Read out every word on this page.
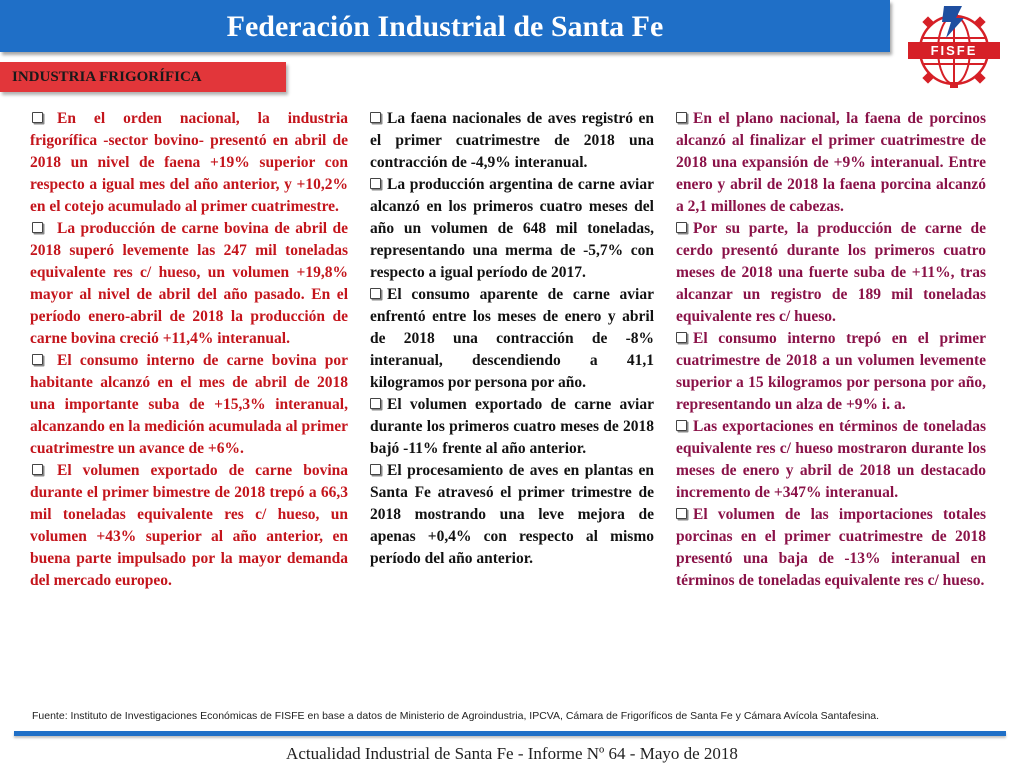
Federación Industrial de Santa Fe
FISFE
INDUSTRIA FRIGORÍFICA

En el orden nacional, la industria frigorífica -sector bovino- presentó en abril de 2018 un nivel de faena +19% superior con respecto a igual mes del año anterior, y +10,2% en el cotejo acumulado al primer cuatrimestre.

La producción de carne bovina de abril de 2018 superó levemente las 247 mil toneladas equivalente res c/ hueso, un volumen +19,8% mayor al nivel de abril del año pasado. En el período enero-abril de 2018 la producción de carne bovina creció +11,4% interanual.

El consumo interno de carne bovina por habitante alcanzó en el mes de abril de 2018 una importante suba de +15,3% interanual, alcanzando en la medición acumulada al primer cuatrimestre un avance de +6%.

El volumen exportado de carne bovina durante el primer bimestre de 2018 trepó a 66,3 mil toneladas equivalente res c/ hueso, un volumen +43% superior al año anterior, en buena parte impulsado por la mayor demanda del mercado europeo.

La faena nacionales de aves registró en el primer cuatrimestre de 2018 una contracción de -4,9% interanual.

La producción argentina de carne aviar alcanzó en los primeros cuatro meses del año un volumen de 648 mil toneladas, representando una merma de -5,7% con respecto a igual período de 2017.

El consumo aparente de carne aviar enfrentó entre los meses de enero y abril de 2018 una contracción de -8% interanual, descendiendo a 41,1 kilogramos por persona por año.

El volumen exportado de carne aviar durante los primeros cuatro meses de 2018 bajó -11% frente al año anterior.

El procesamiento de aves en plantas en Santa Fe atravesó el primer trimestre de 2018 mostrando una leve mejora de apenas +0,4% con respecto al mismo período del año anterior.

En el plano nacional, la faena de porcinos alcanzó al finalizar el primer cuatrimestre de 2018 una expansión de +9% interanual. Entre enero y abril de 2018 la faena porcina alcanzó a 2,1 millones de cabezas.

Por su parte, la producción de carne de cerdo presentó durante los primeros cuatro meses de 2018 una fuerte suba de +11%, tras alcanzar un registro de 189 mil toneladas equivalente res c/ hueso.

El consumo interno trepó en el primer cuatrimestre de 2018 a un volumen levemente superior a 15 kilogramos por persona por año, representando un alza de +9% i. a.

Las exportaciones en términos de toneladas equivalente res c/ hueso mostraron durante los meses de enero y abril de 2018 un destacado incremento de +347% interanual.

El volumen de las importaciones totales porcinas en el primer cuatrimestre de 2018 presentó una baja de -13% interanual en términos de toneladas equivalente res c/ hueso.

Fuente: Instituto de Investigaciones Económicas de FISFE en base a datos de Ministerio de Agroindustria, IPCVA, Cámara de Frigoríficos de Santa Fe y Cámara Avícola Santafesina.
Actualidad Industrial de Santa Fe - Informe Nº 64 - Mayo de 2018
